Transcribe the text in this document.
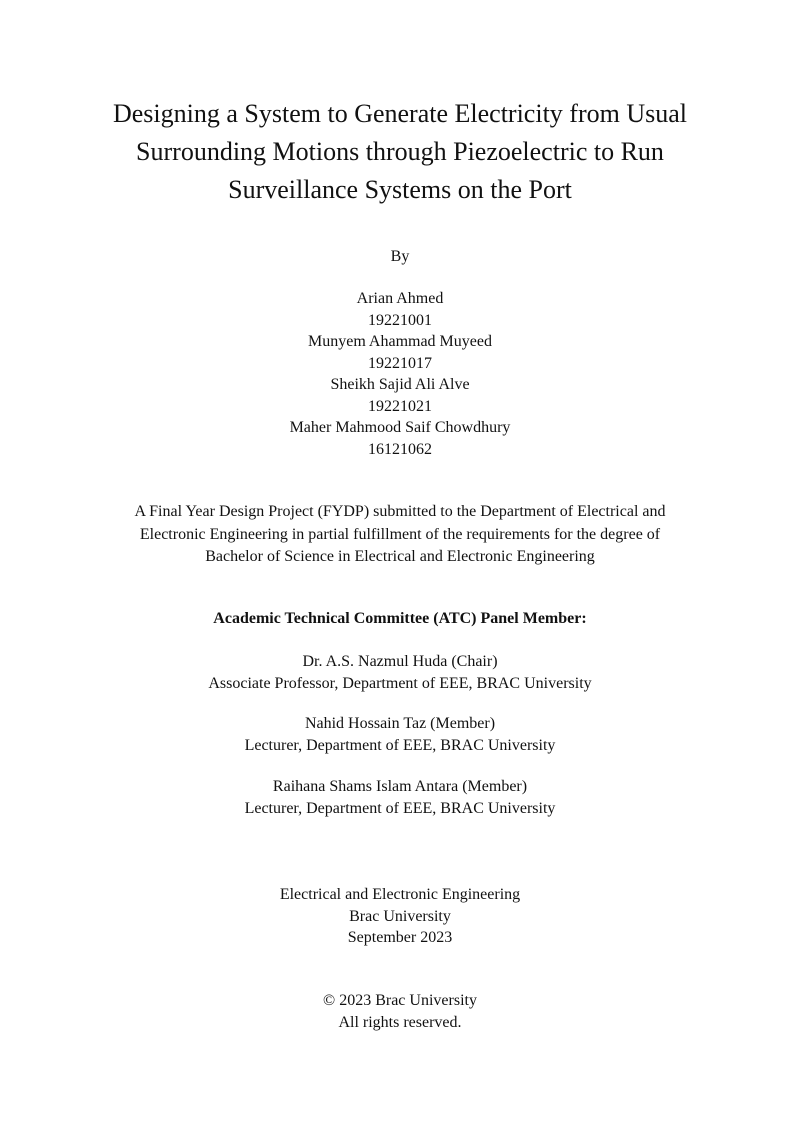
Designing a System to Generate Electricity from Usual
Surrounding Motions through Piezoelectric to Run
Surveillance Systems on the Port
By
Arian Ahmed
19221001
Munyem Ahammad Muyeed
19221017
Sheikh Sajid Ali Alve
19221021
Maher Mahmood Saif Chowdhury
16121062
A Final Year Design Project (FYDP) submitted to the Department of Electrical and
Electronic Engineering in partial fulfillment of the requirements for the degree of
Bachelor of Science in Electrical and Electronic Engineering
Academic Technical Committee (ATC) Panel Member:
Dr. A.S. Nazmul Huda (Chair)
Associate Professor, Department of EEE, BRAC University
Nahid Hossain Taz (Member)
Lecturer, Department of EEE, BRAC University
Raihana Shams Islam Antara (Member)
Lecturer, Department of EEE, BRAC University
Electrical and Electronic Engineering
Brac University
September 2023
© 2023 Brac University
All rights reserved.
